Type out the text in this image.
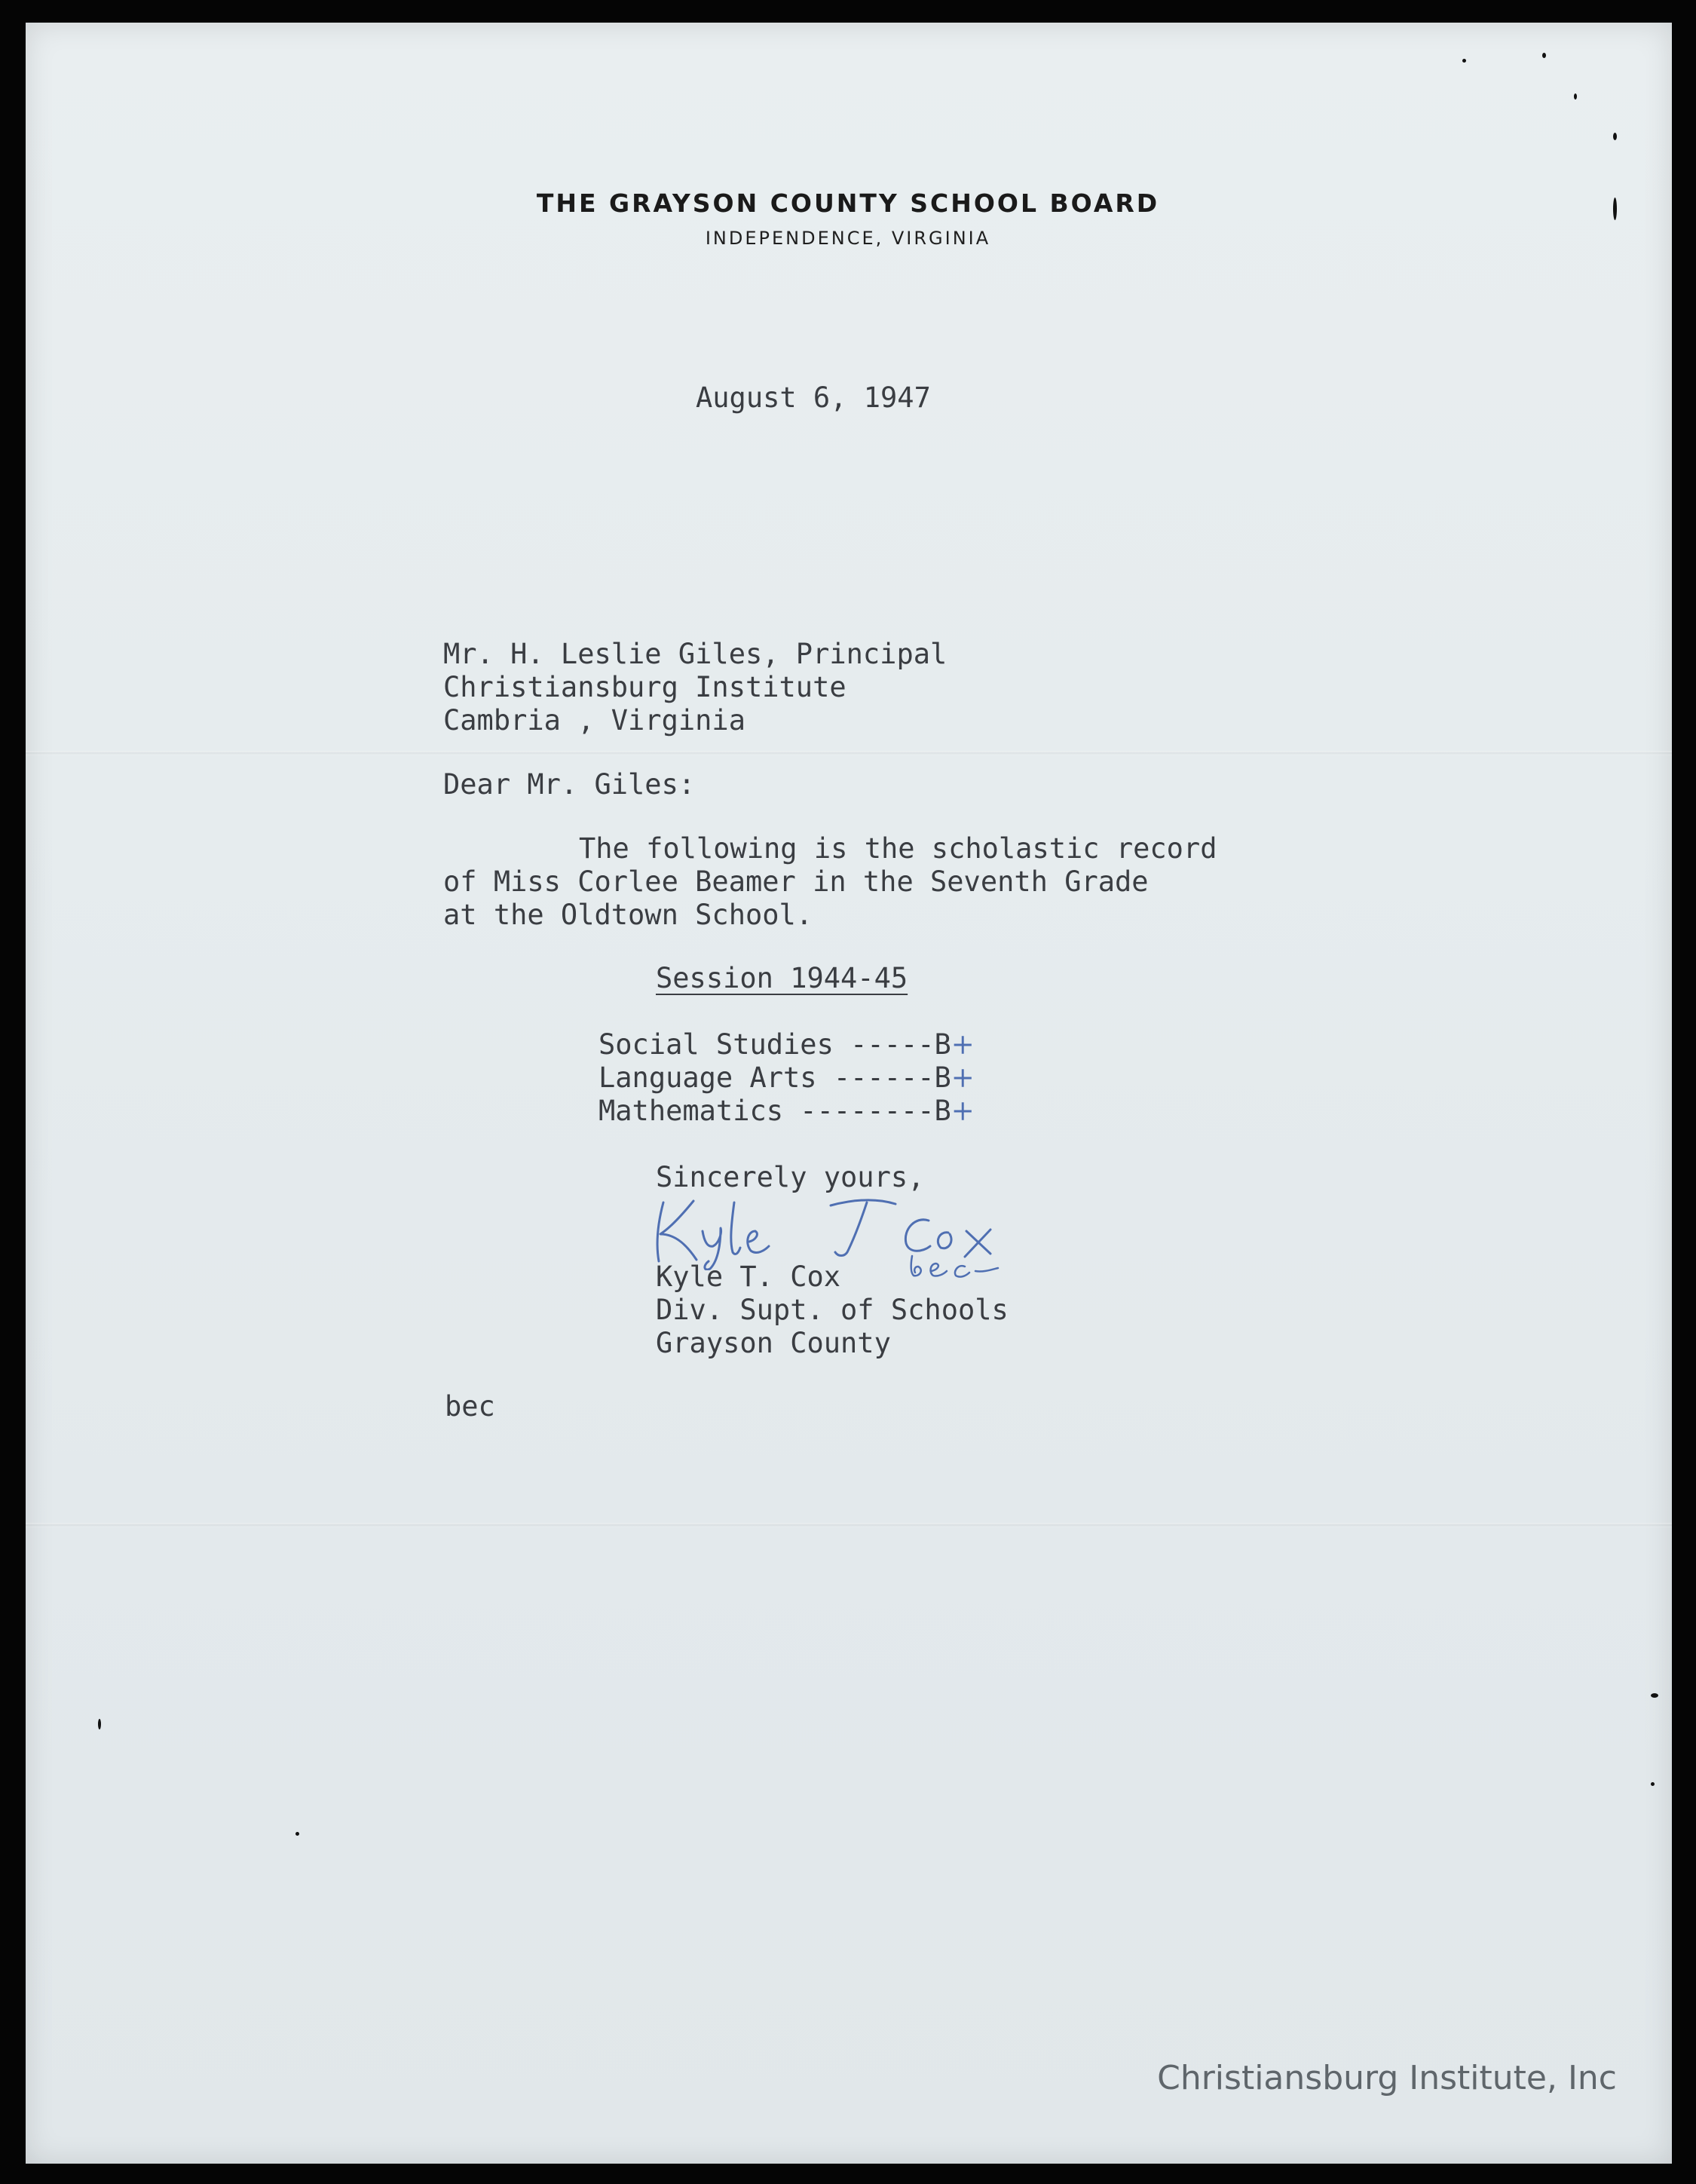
THE GRAYSON COUNTY SCHOOL BOARD
INDEPENDENCE, VIRGINIA
August 6, 1947
Mr. H. Leslie Giles, Principal
Christiansburg Institute
Cambria , Virginia
Dear Mr. Giles:
The following is the scholastic record
of Miss Corlee Beamer in the Seventh Grade
at the Oldtown School.
Session 1944-45
Social Studies -----B+
Language Arts ------B+
Mathematics --------B+
Sincerely yours,
Kyle T. Cox
Div. Supt. of Schools
Grayson County
bec
Christiansburg Institute, Inc
